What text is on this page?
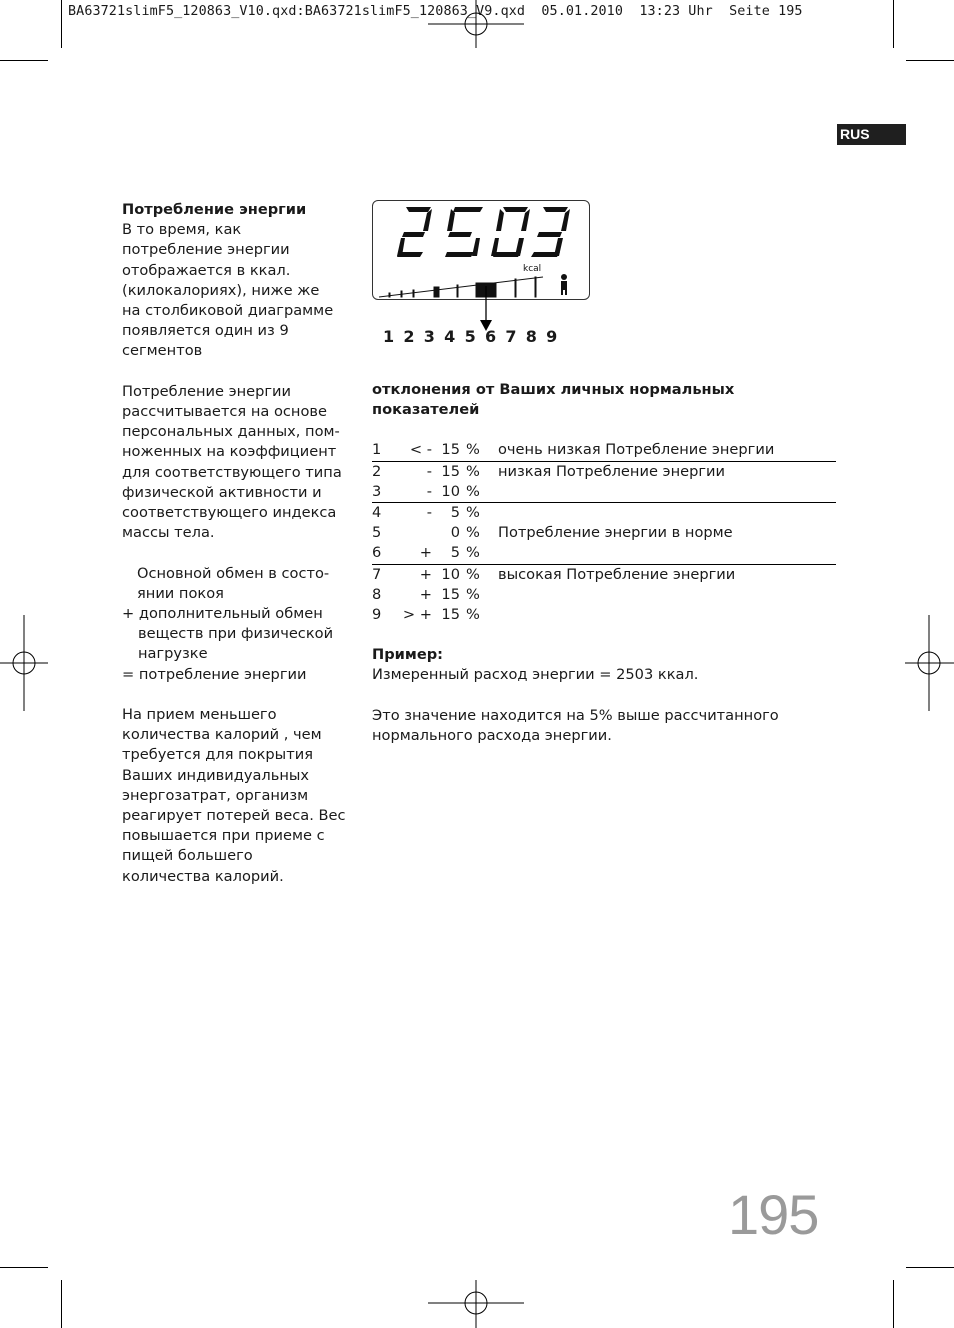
BA63721slimF5_120863_V10.qxd:BA63721slimF5_120863_V9.qxd  05.01.2010  13:23 Uhr  Seite 195
RUS

Потребление энергии
В то время, как
потребление энергии
отображается в ккал.
(килокалориях), ниже же
на столбиковой диаграмме
появляется один из 9
сегментов

Потребление энергии
рассчитывается на основе
персональных данных, пом-
ноженных на коэффициент
для соответствующего типа
физической активности и
соответствующего индекса
массы тела.

Основной обмен в состо-
янии покоя
+ дополнительный обмен
веществ при физической
нагрузке
= потребление энергии

На прием меньшего
количества калорий , чем
требуется для покрытия
Ваших индивидуальных
энергозатрат, организм
реагирует потерей веса. Вес
повышается при приеме с
пищей большего
количества калорий.

kcal
1 2 3 4 5 6 7 8 9
отклонения от Ваших личных нормальных показателей
1	< -	15	%	очень низкая Потребление энергии
2	-	15	%	низкая Потребление энергии
3	-	10	%	
4	-	5	%	
5		0	%	Потребление энергии в норме
6	+	5	%	
7	+	10	%	высокая Потребление энергии
8	+	15	%	
9	> +	15	%	
Пример:
Измеренный расход энергии = 2503 ккал.
Это значение находится на 5% выше рассчитанного
нормального расхода энергии.
195
